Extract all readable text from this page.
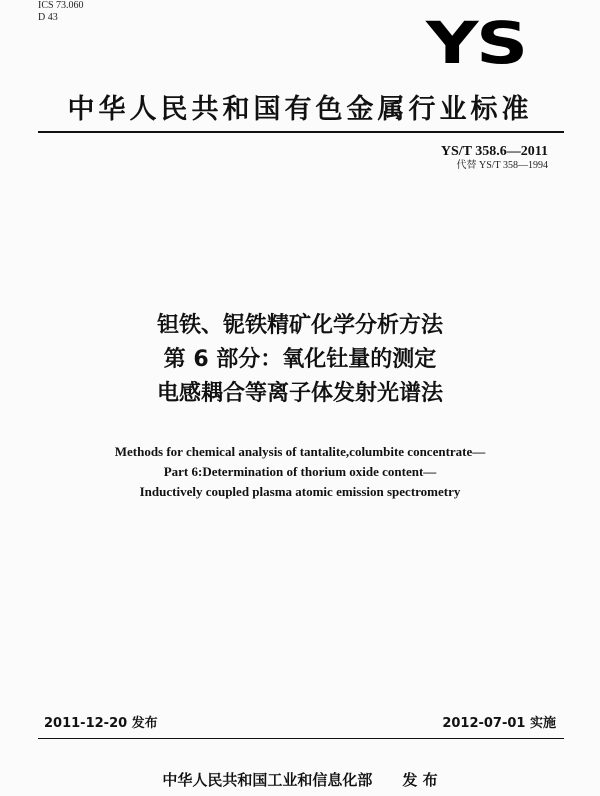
ICS 73.060
D 43	YS
中华人民共和国有色金属行业标准
YS/T 358.6—2011
代替 YS/T 358—1994
钽铁、铌铁精矿化学分析方法
第 6 部分：氧化钍量的测定
电感耦合等离子体发射光谱法
Methods for chemical analysis of tantalite,columbite concentrate—
Part 6:Determination of thorium oxide content—
Inductively coupled plasma atomic emission spectrometry
2011-12-20 发布	2012-07-01 实施
中华人民共和国工业和信息化部 发 布
